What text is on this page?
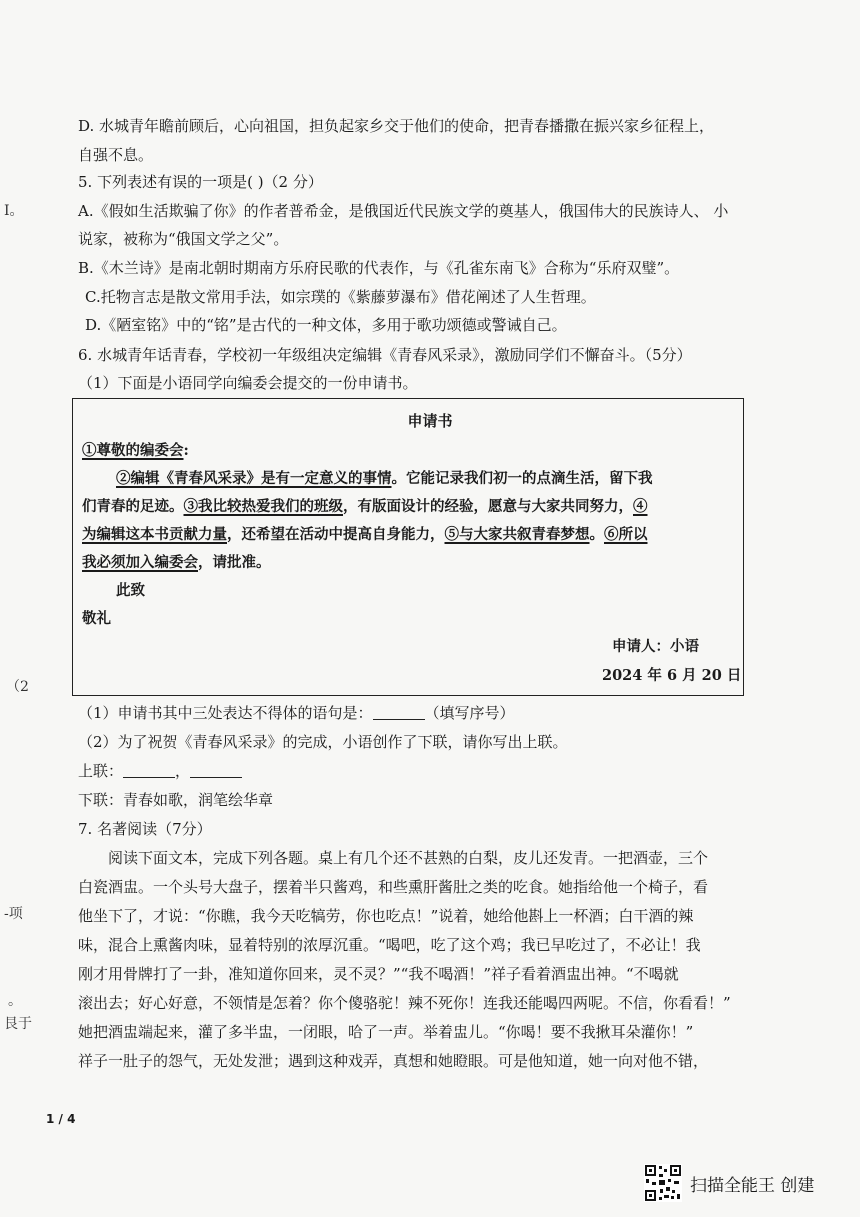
Ⅰ。
（2
-项
。
艮于
D. 水城青年瞻前顾后，心向祖国，担负起家乡交于他们的使命，把青春播撒在振兴家乡征程上，
自强不息。
5. 下列表述有误的一项是( )（2 分）
A.《假如生活欺骗了你》的作者普希金，是俄国近代民族文学的奠基人，俄国伟大的民族诗人、 小
说家，被称为“俄国文学之父”。
B.《木兰诗》是南北朝时期南方乐府民歌的代表作，与《孔雀东南飞》合称为“乐府双璧”。
C.托物言志是散文常用手法，如宗璞的《紫藤萝瀑布》借花阐述了人生哲理。
D.《陋室铭》中的“铭”是古代的一种文体，多用于歌功颂德或警诫自己。
6. 水城青年话青春，学校初一年级组决定编辑《青春风采录》，激励同学们不懈奋斗。（5分）
（1）下面是小语同学向编委会提交的一份申请书。
申请书
①尊敬的编委会:
②编辑《青春风采录》是有一定意义的事情。它能记录我们初一的点滴生活，留下我
们青春的足迹。③我比较热爱我们的班级，有版面设计的经验，愿意与大家共同努力，④
为编辑这本书贡献力量，还希望在活动中提高自身能力，⑤与大家共叙青春梦想。⑥所以
我必须加入编委会，请批准。
此致
敬礼
申请人：小语
2024 年 6 月 20 日
（1）申请书其中三处表达不得体的语句是：	（填写序号）
（2）为了祝贺《青春风采录》的完成，小语创作了下联，请你写出上联。
上联：	，
下联：青春如歌，润笔绘华章
7. 名著阅读（7分）
阅读下面文本，完成下列各题。桌上有几个还不甚熟的白梨，皮儿还发青。一把酒壶，三个
白瓷酒盅。一个头号大盘子，摆着半只酱鸡，和些熏肝酱肚之类的吃食。她指给他一个椅子，看
他坐下了，才说：“你瞧，我今天吃犒劳，你也吃点！”说着，她给他斟上一杯酒；白干酒的辣
味，混合上熏酱肉味，显着特别的浓厚沉重。“喝吧，吃了这个鸡；我已早吃过了，不必让！我
刚才用骨牌打了一卦，准知道你回来，灵不灵？”“我不喝酒！”祥子看着酒盅出神。“不喝就
滚出去；好心好意，不领情是怎着？你个傻骆驼！辣不死你！连我还能喝四两呢。不信，你看看！”
她把酒盅端起来，灌了多半盅，一闭眼，哈了一声。举着盅儿。“你喝！要不我揪耳朵灌你！”
祥子一肚子的怨气，无处发泄；遇到这种戏弄，真想和她瞪眼。可是他知道，她一向对他不错，
1 / 4
扫描全能王 创建
